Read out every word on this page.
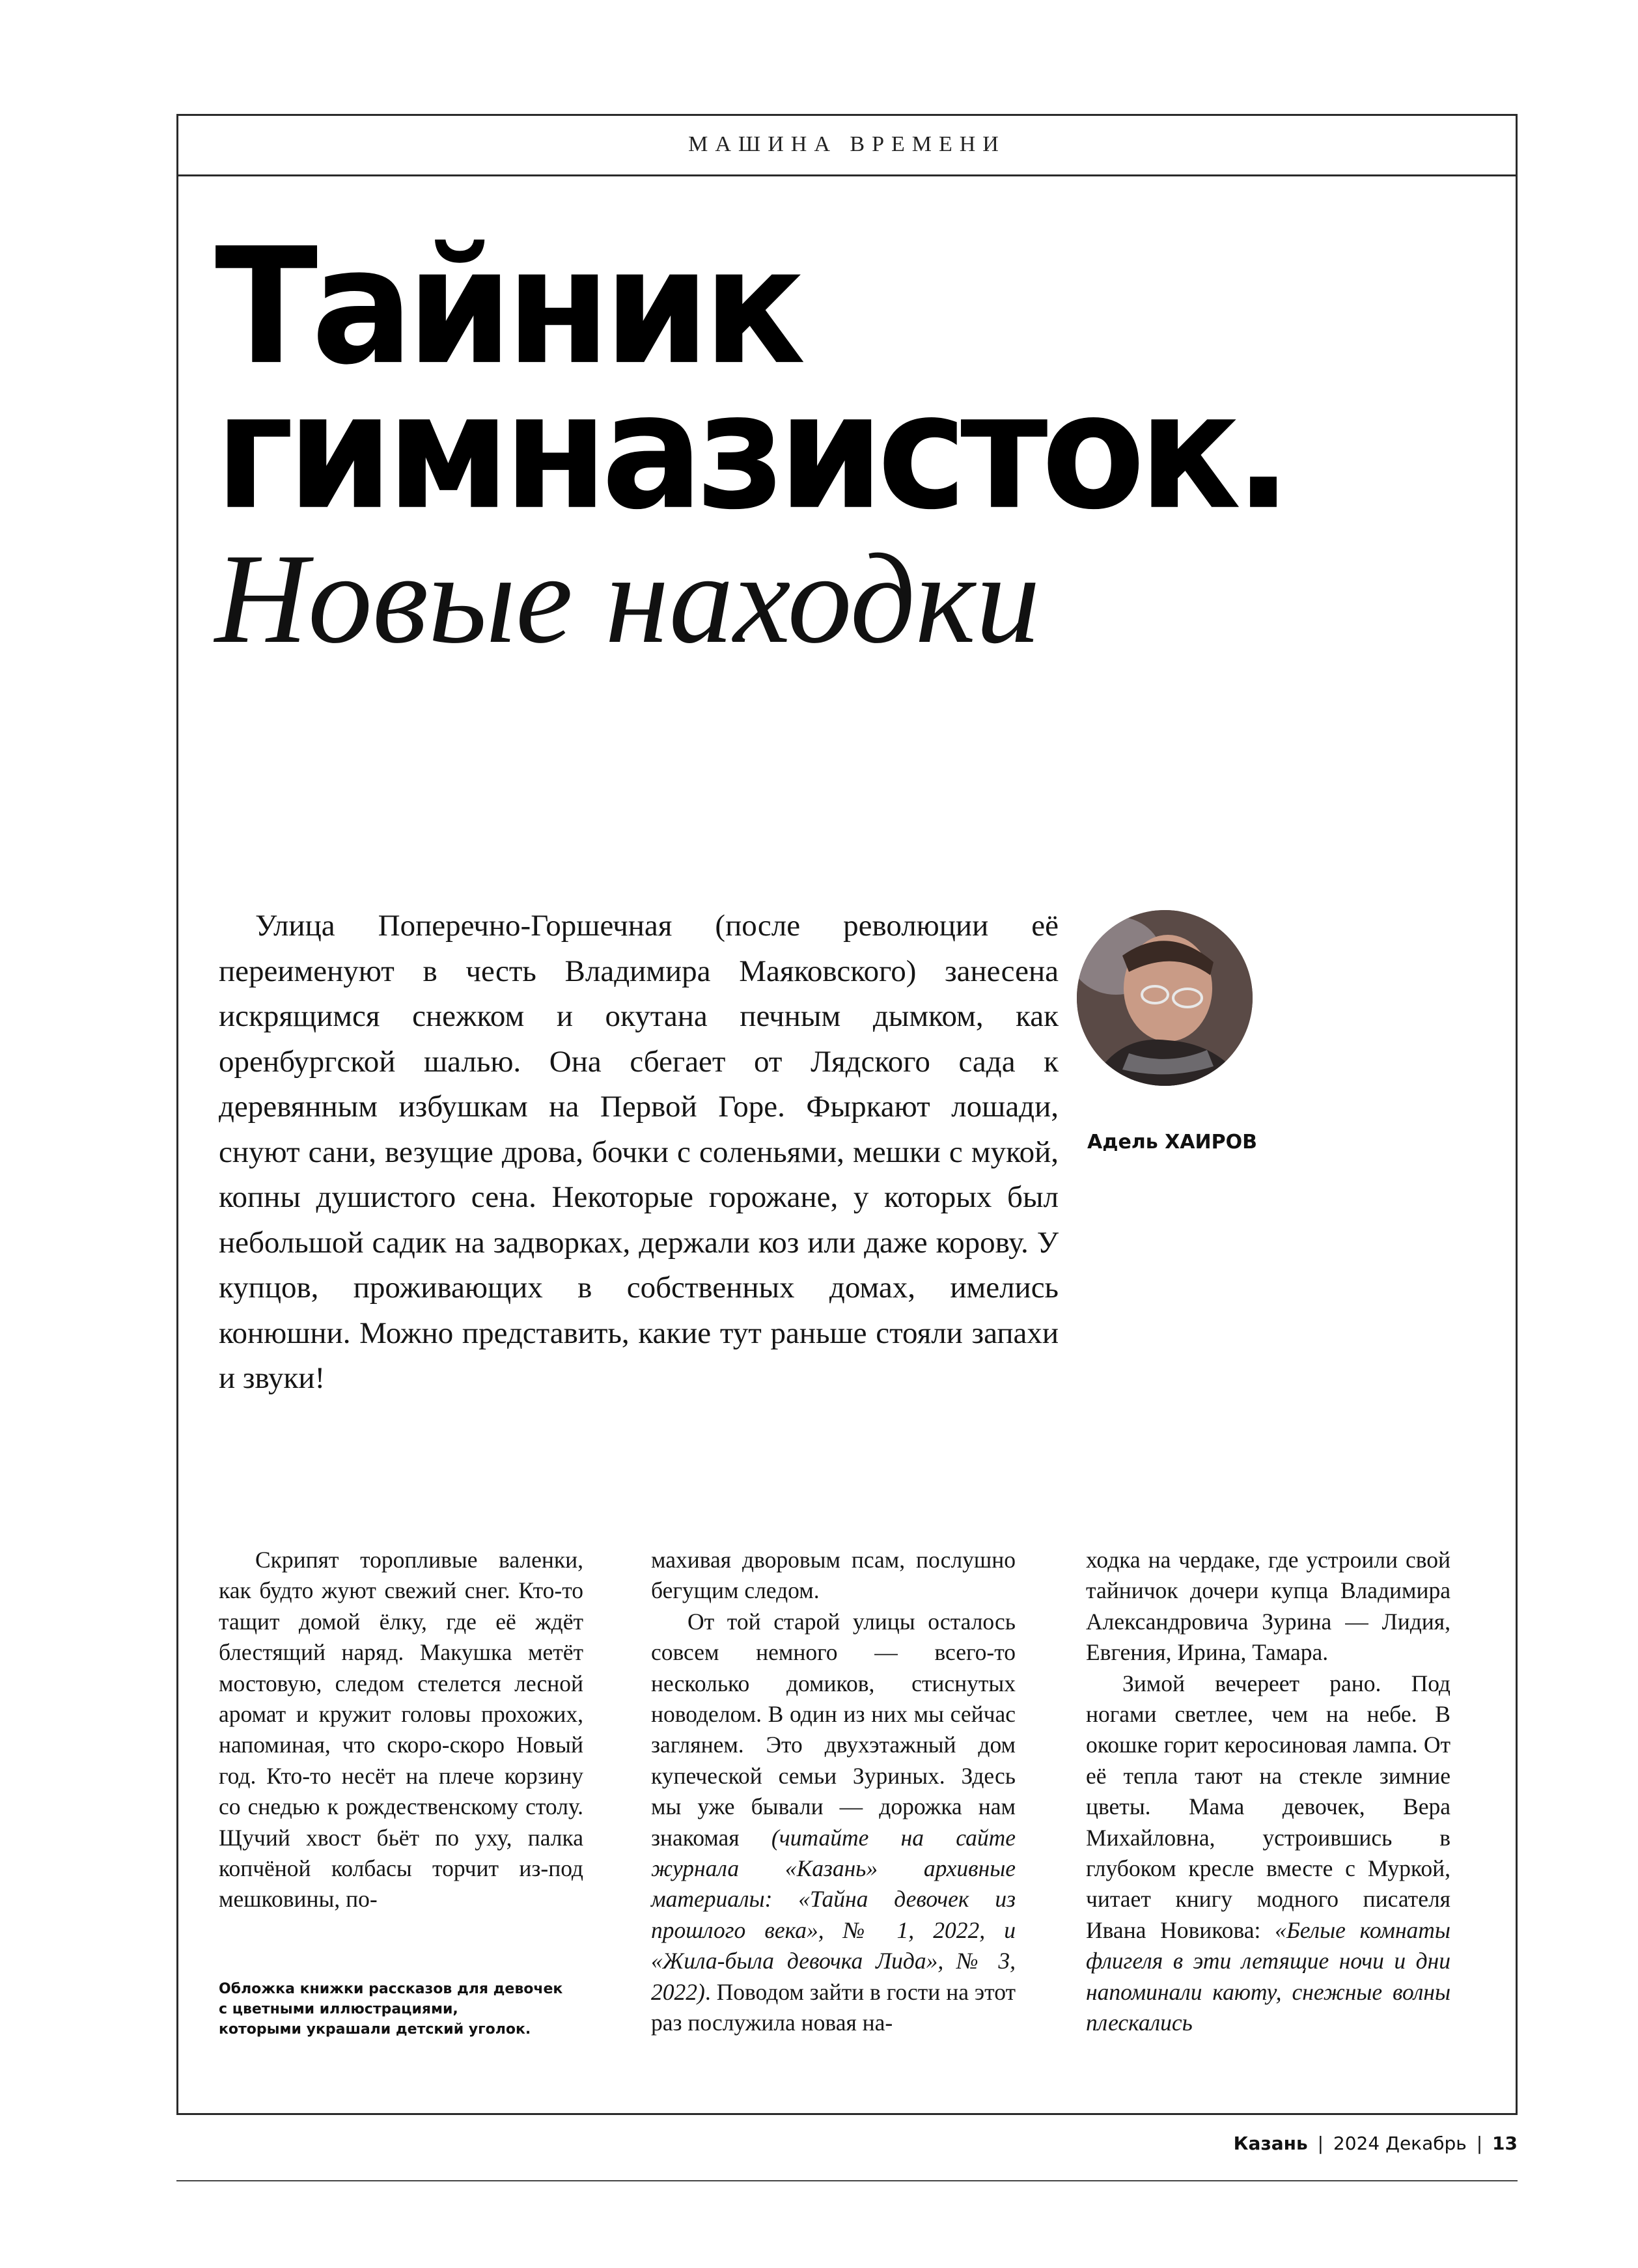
МАШИНА ВРЕМЕНИ
Тайник
гимназисток.
Новые находки

Улица Поперечно-Горшечная (после революции её переименуют в честь Владимира Маяковского) занесена искрящимся снежком и окутана печным дымком, как оренбургской шалью. Она сбегает от Лядского сада к деревянным избушкам на Первой Горе. Фыркают лошади, снуют сани, везущие дрова, бочки с соленьями, мешки с мукой, копны душистого сена. Некоторые горожане, у которых был небольшой садик на задворках, держали коз или даже корову. У купцов, проживающих в собственных домах, имелись конюшни. Можно представить, какие тут раньше стояли запахи и звуки!

Адель ХАИРОВ

Скрипят торопливые валенки, как будто жуют свежий снег. Кто-то тащит домой ёлку, где её ждёт блестящий наряд. Макушка метёт мостовую, следом стелется лесной аромат и кружит головы прохожих, напоминая, что скоро-скоро Новый год. Кто-то несёт на плече корзину со снедью к рождественскому столу. Щучий хвост бьёт по уху, палка копчёной колбасы торчит из-под мешковины, по-

Обложка книжки рассказов для девочек
с цветными иллюстрациями,
которыми украшали детский уголок.

махивая дворовым псам, послушно бегущим следом.

От той старой улицы осталось совсем немного — всего-то несколько домиков, стиснутых новоделом. В один из них мы сейчас заглянем. Это двухэтажный дом купеческой семьи Зуриных. Здесь мы уже бывали — дорожка нам знакомая (читайте на сайте журнала «Казань» архивные материалы: «Тайна девочек из прошлого века», № 1, 2022, и «Жила-была девочка Лида», № 3, 2022). Поводом зайти в гости на этот раз послужила новая на-

ходка на чердаке, где устроили свой тайничок дочери купца Владимира Александровича Зурина — Лидия, Евгения, Ирина, Тамара.

Зимой вечереет рано. Под ногами светлее, чем на небе. В окошке горит керосиновая лампа. От её тепла тают на стекле зимние цветы. Мама девочек, Вера Михайловна, устроившись в глубоком кресле вместе с Муркой, читает книгу модного писателя Ивана Новикова: «Белые комнаты флигеля в эти летящие ночи и дни напоминали каюту, снежные волны плескались

Казань | 2024 Декабрь | 13
